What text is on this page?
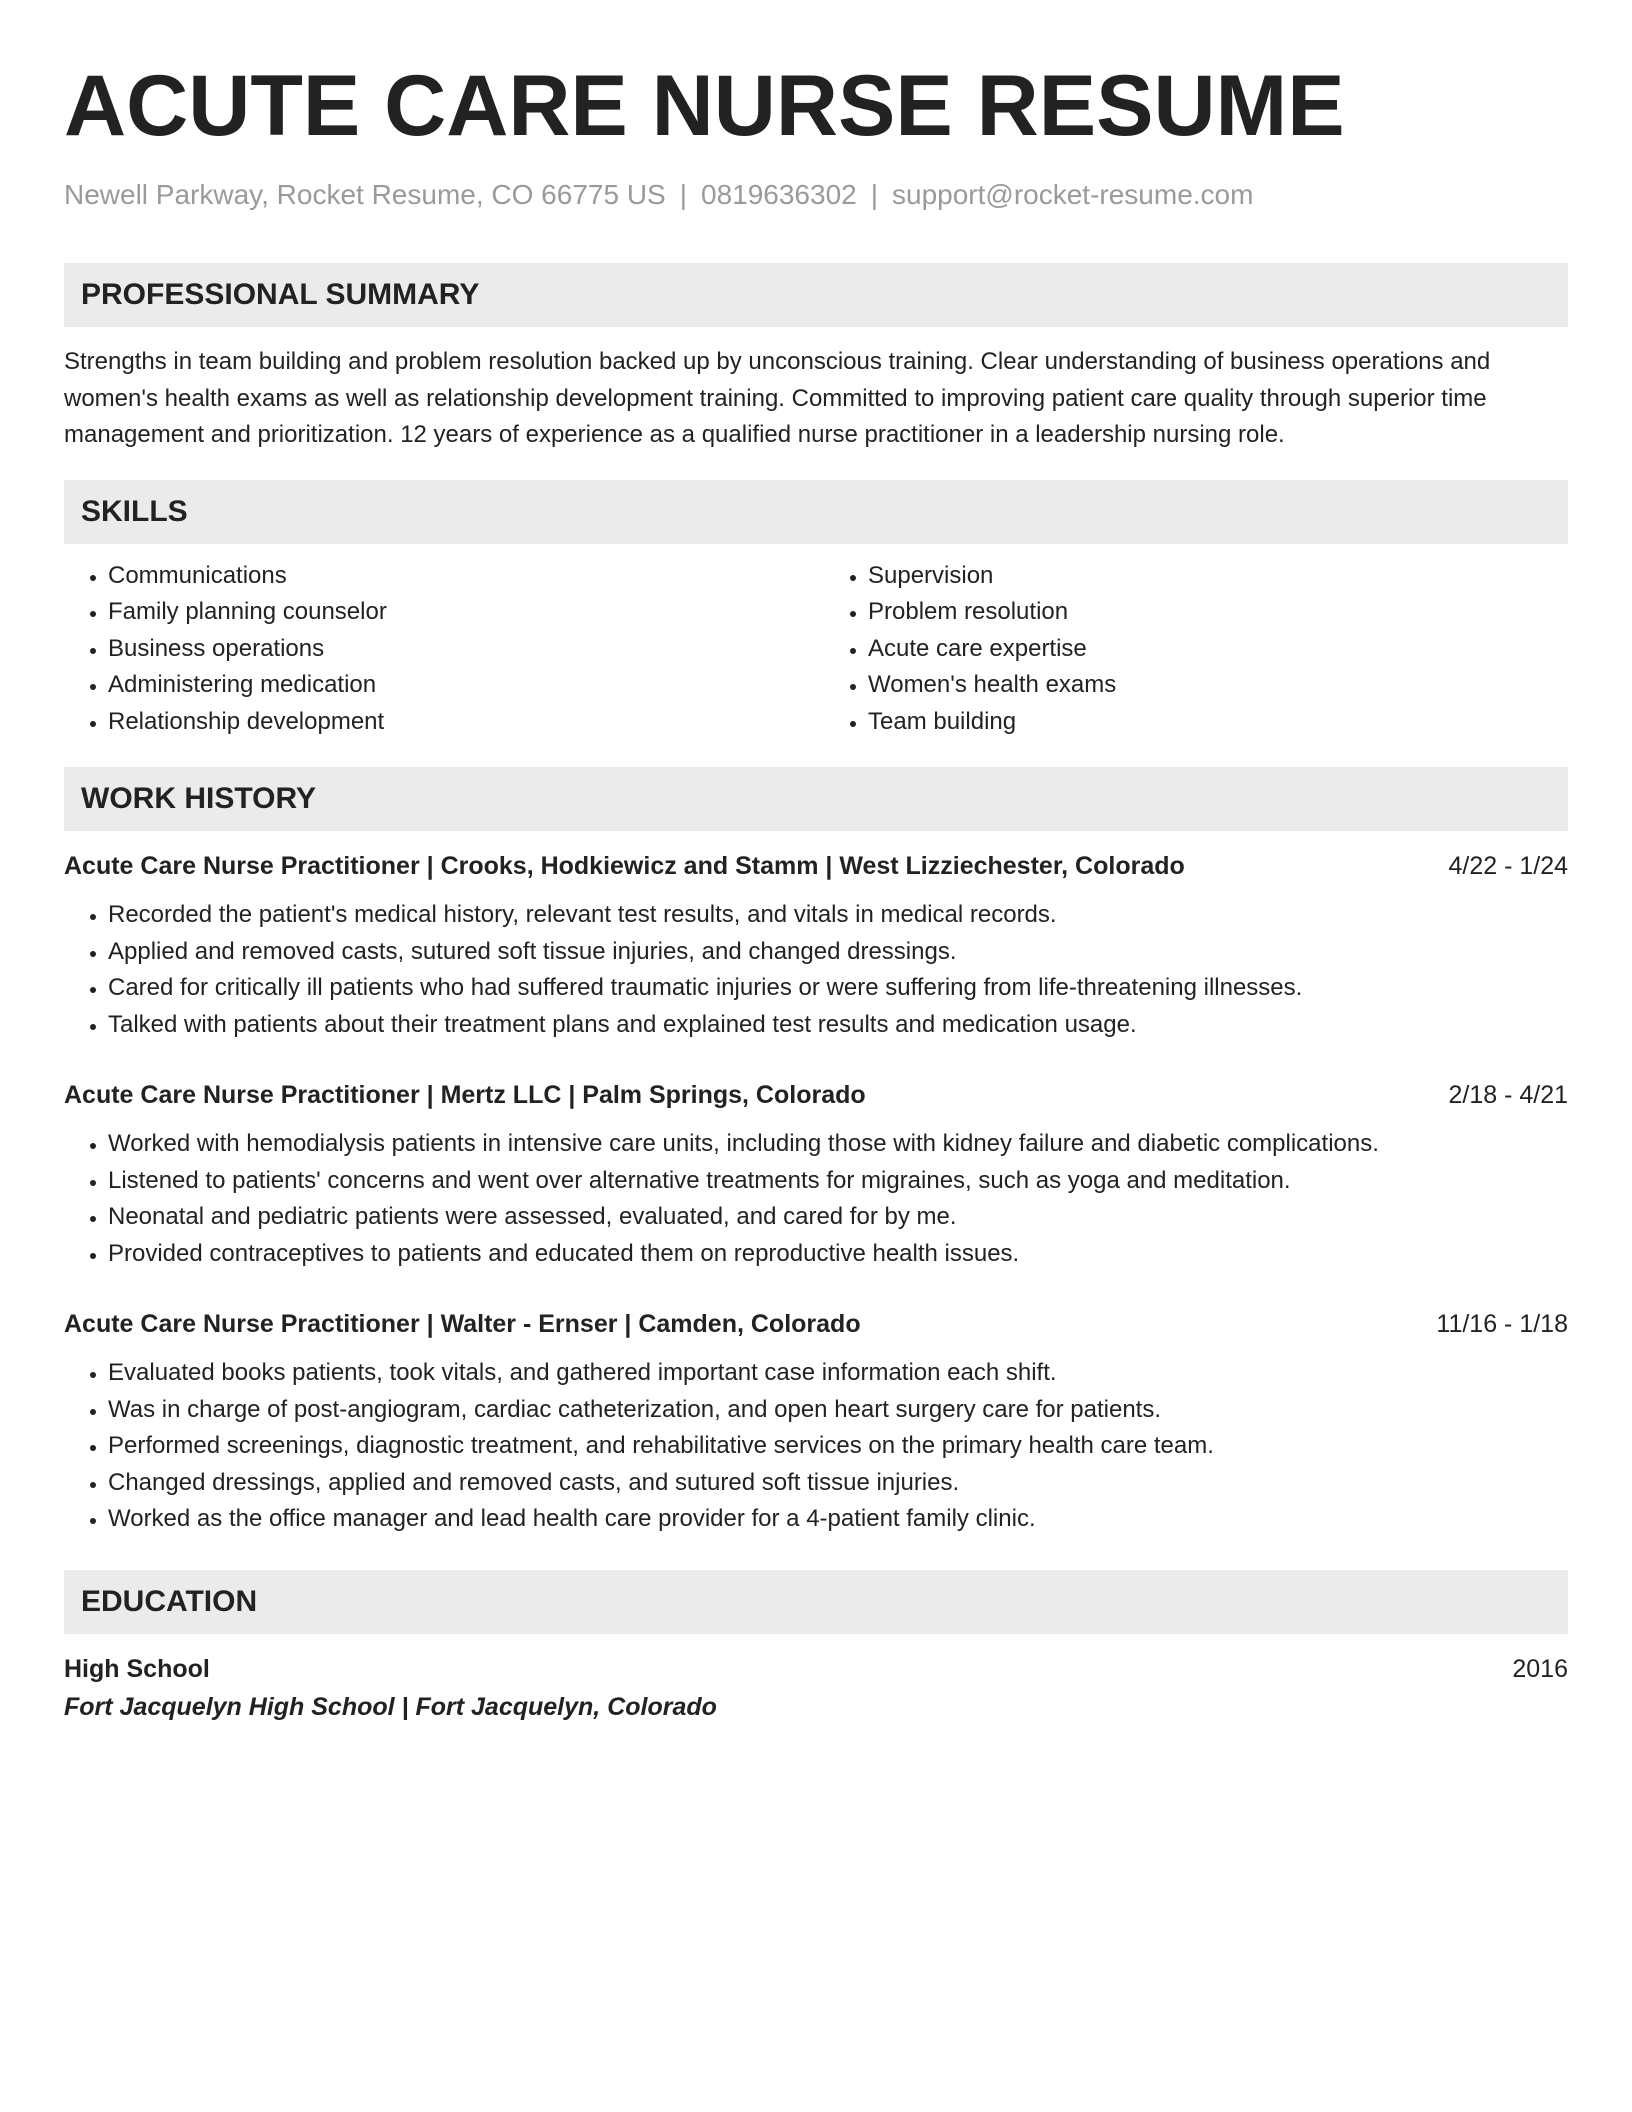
ACUTE CARE NURSE RESUME
Newell Parkway, Rocket Resume, CO 66775 US | 0819636302 | support@rocket-resume.com
PROFESSIONAL SUMMARY
Strengths in team building and problem resolution backed up by unconscious training. Clear understanding of business operations and women's health exams as well as relationship development training. Committed to improving patient care quality through superior time management and prioritization. 12 years of experience as a qualified nurse practitioner in a leadership nursing role.
SKILLS
• Communications
• Family planning counselor
• Business operations
• Administering medication
• Relationship development
• Supervision
• Problem resolution
• Acute care expertise
• Women's health exams
• Team building
WORK HISTORY
Acute Care Nurse Practitioner | Crooks, Hodkiewicz and Stamm | West Lizziechester, Colorado	4/22 - 1/24
• Recorded the patient's medical history, relevant test results, and vitals in medical records.
• Applied and removed casts, sutured soft tissue injuries, and changed dressings.
• Cared for critically ill patients who had suffered traumatic injuries or were suffering from life-threatening illnesses.
• Talked with patients about their treatment plans and explained test results and medication usage.
Acute Care Nurse Practitioner | Mertz LLC | Palm Springs, Colorado	2/18 - 4/21
• Worked with hemodialysis patients in intensive care units, including those with kidney failure and diabetic complications.
• Listened to patients' concerns and went over alternative treatments for migraines, such as yoga and meditation.
• Neonatal and pediatric patients were assessed, evaluated, and cared for by me.
• Provided contraceptives to patients and educated them on reproductive health issues.
Acute Care Nurse Practitioner | Walter - Ernser | Camden, Colorado	11/16 - 1/18
• Evaluated books patients, took vitals, and gathered important case information each shift.
• Was in charge of post-angiogram, cardiac catheterization, and open heart surgery care for patients.
• Performed screenings, diagnostic treatment, and rehabilitative services on the primary health care team.
• Changed dressings, applied and removed casts, and sutured soft tissue injuries.
• Worked as the office manager and lead health care provider for a 4-patient family clinic.
EDUCATION
High School	2016
Fort Jacquelyn High School | Fort Jacquelyn, Colorado
